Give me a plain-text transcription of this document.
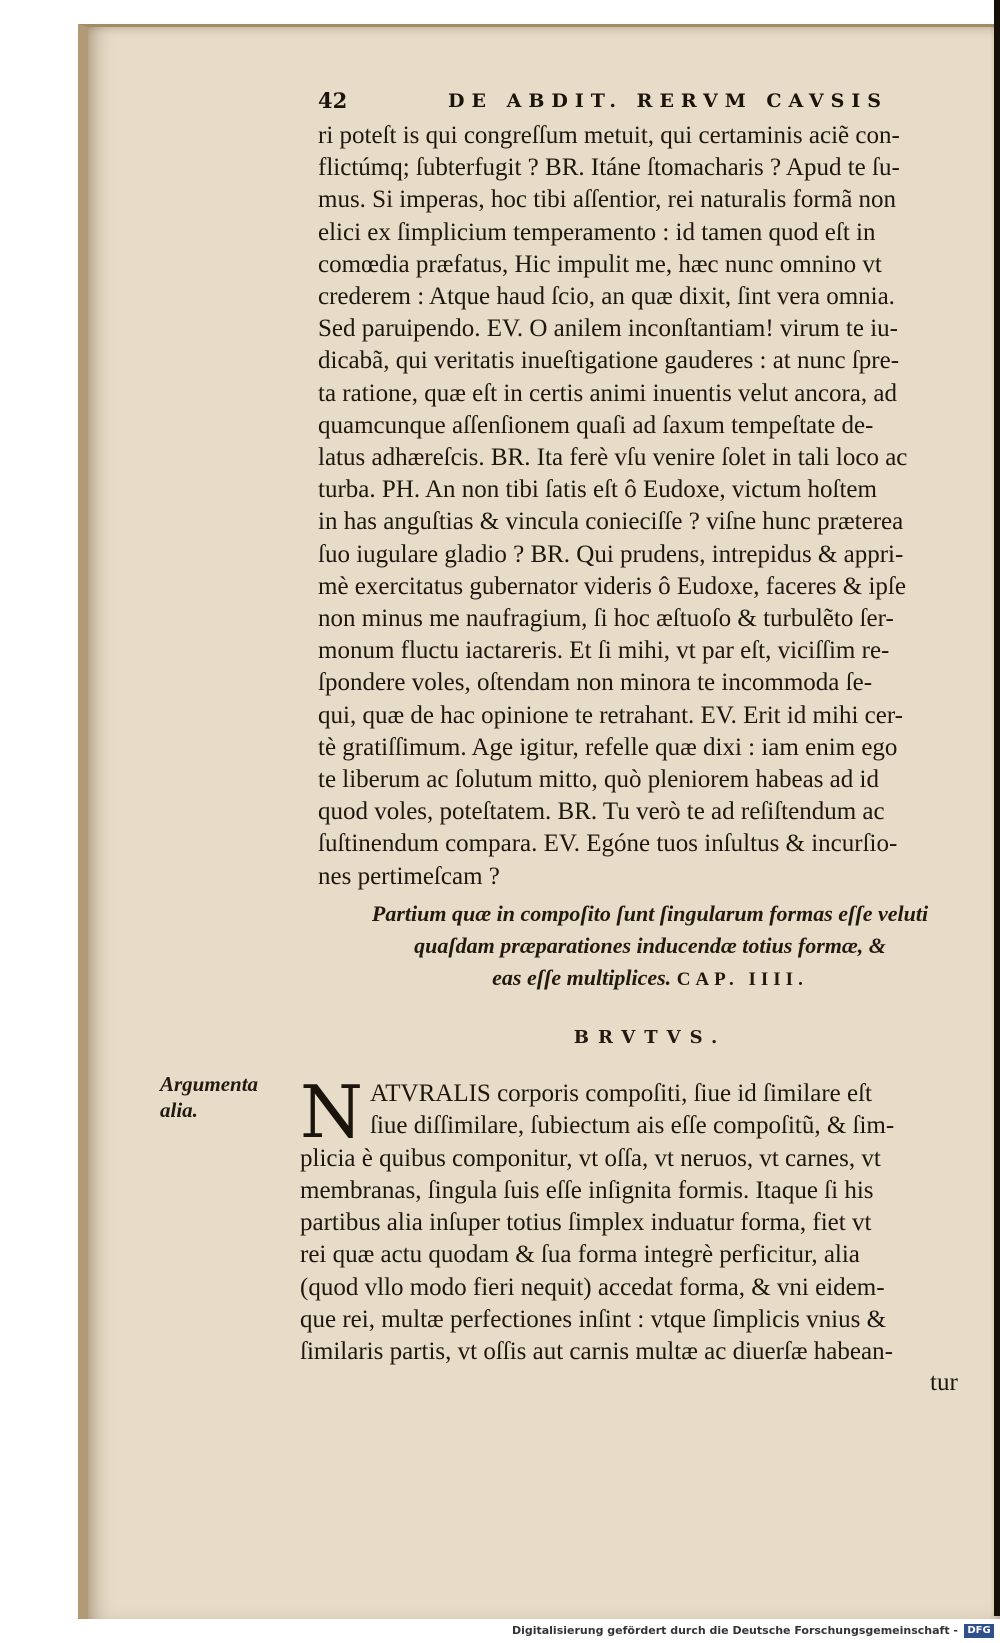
42	DE ABDIT. RERVM CAVSIS
ri poteſt is qui congreſſum metuit, qui certaminis aciẽ con-
flictúmq; ſubterfugit ? BR. Itáne ſtomacharis ? Apud te ſu-
mus. Si imperas, hoc tibi aſſentior, rei naturalis formã non
elici ex ſimplicium temperamento : id tamen quod eſt in
comœdia præfatus, Hic impulit me, hæc nunc omnino vt
crederem : Atque haud ſcio, an quæ dixit, ſint vera omnia.
Sed paruipendo. EV. O anilem inconſtantiam! virum te iu-
dicabã, qui veritatis inueſtigatione gauderes : at nunc ſpre-
ta ratione, quæ eſt in certis animi inuentis velut ancora, ad
quamcunque aſſenſionem quaſi ad ſaxum tempeſtate de-
latus adhæreſcis. BR. Ita ferè vſu venire ſolet in tali loco ac
turba. PH. An non tibi ſatis eſt ô Eudoxe, victum hoſtem
in has anguſtias & vincula conieciſſe ? viſne hunc præterea
ſuo iugulare gladio ? BR. Qui prudens, intrepidus & appri-
mè exercitatus gubernator videris ô Eudoxe, faceres & ipſe
non minus me naufragium, ſi hoc æſtuoſo & turbulẽto ſer-
monum fluctu iactareris. Et ſi mihi, vt par eſt, viciſſim re-
ſpondere voles, oſtendam non minora te incommoda ſe-
qui, quæ de hac opinione te retrahant. EV. Erit id mihi cer-
tè gratiſſimum. Age igitur, refelle quæ dixi : iam enim ego
te liberum ac ſolutum mitto, quò pleniorem habeas ad id
quod voles, poteſtatem. BR. Tu verò te ad reſiſtendum ac
ſuſtinendum compara. EV. Egóne tuos inſultus & incurſio-
nes pertimeſcam ?
Partium quæ in compoſito ſunt ſingularum formas eſſe veluti
quaſdam præparationes inducendæ totius formæ, &
eas eſſe multiplices. CAP. IIII.
BRVTVS.
Argumenta alia.	N ATVRALIS corporis compoſiti, ſiue id ſimilare eſt
ſiue diſſimilare, ſubiectum ais eſſe compoſitũ, & ſim-
plicia è quibus componitur, vt oſſa, vt neruos, vt carnes, vt
membranas, ſingula ſuis eſſe inſignita formis. Itaque ſi his
partibus alia inſuper totius ſimplex induatur forma, fiet vt
rei quæ actu quodam & ſua forma integrè perficitur, alia
(quod vllo modo fieri nequit) accedat forma, & vni eidem-
que rei, multæ perfectiones inſint : vtque ſimplicis vnius &
ſimilaris partis, vt oſſis aut carnis multæ ac diuerſæ habean-
tur
Digitalisierung gefördert durch die Deutsche Forschungsgemeinschaft - DFG
